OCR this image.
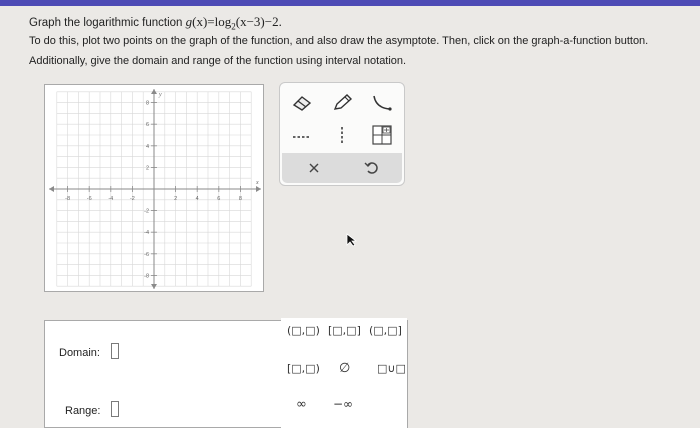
Graph the logarithmic function $g(x)=\log_2(x-3)-2$.
To do this, plot two points on the graph of the function, and also draw the asymptote. Then, click on the graph-a-function button.
Additionally, give the domain and range of the function using interval notation.
-8	-6	-4	-2	2	4	6	8
8
6
4
2
-2
-4
-6
-8
x
y
Domain:
Range:
(□,□) [□,□] (□,□]
[□,□) ∅ □∪□
∞ −∞
